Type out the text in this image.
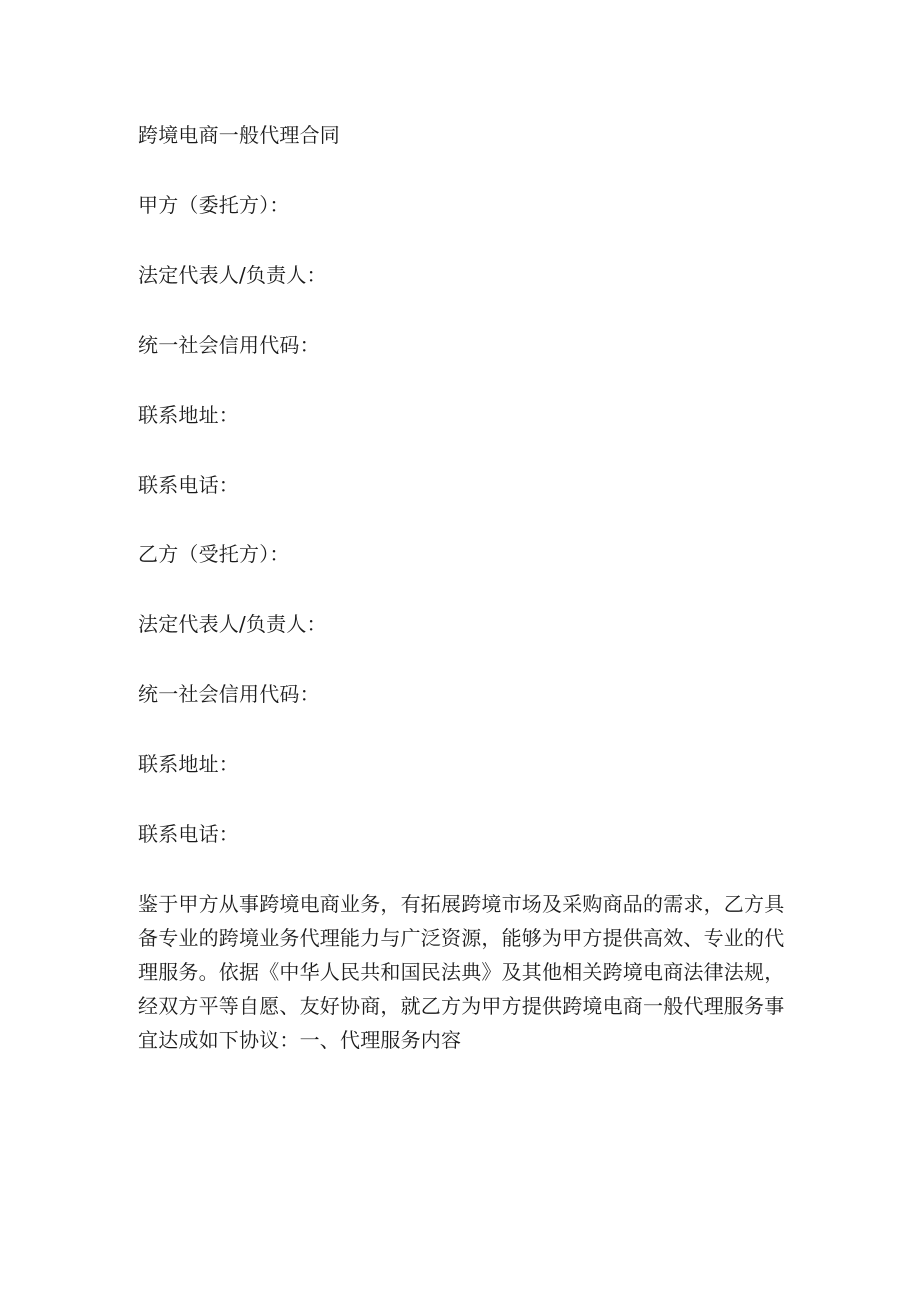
跨境电商一般代理合同
甲方（委托方）：
法定代表人/负责人：
统一社会信用代码：
联系地址：
联系电话：
乙方（受托方）：
法定代表人/负责人：
统一社会信用代码：
联系地址：
联系电话：
鉴于甲方从事跨境电商业务，有拓展跨境市场及采购商品的需求，乙方具
备专业的跨境业务代理能力与广泛资源，能够为甲方提供高效、专业的代
理服务。依据《中华人民共和国民法典》及其他相关跨境电商法律法规，
经双方平等自愿、友好协商，就乙方为甲方提供跨境电商一般代理服务事
宜达成如下协议：一、代理服务内容
